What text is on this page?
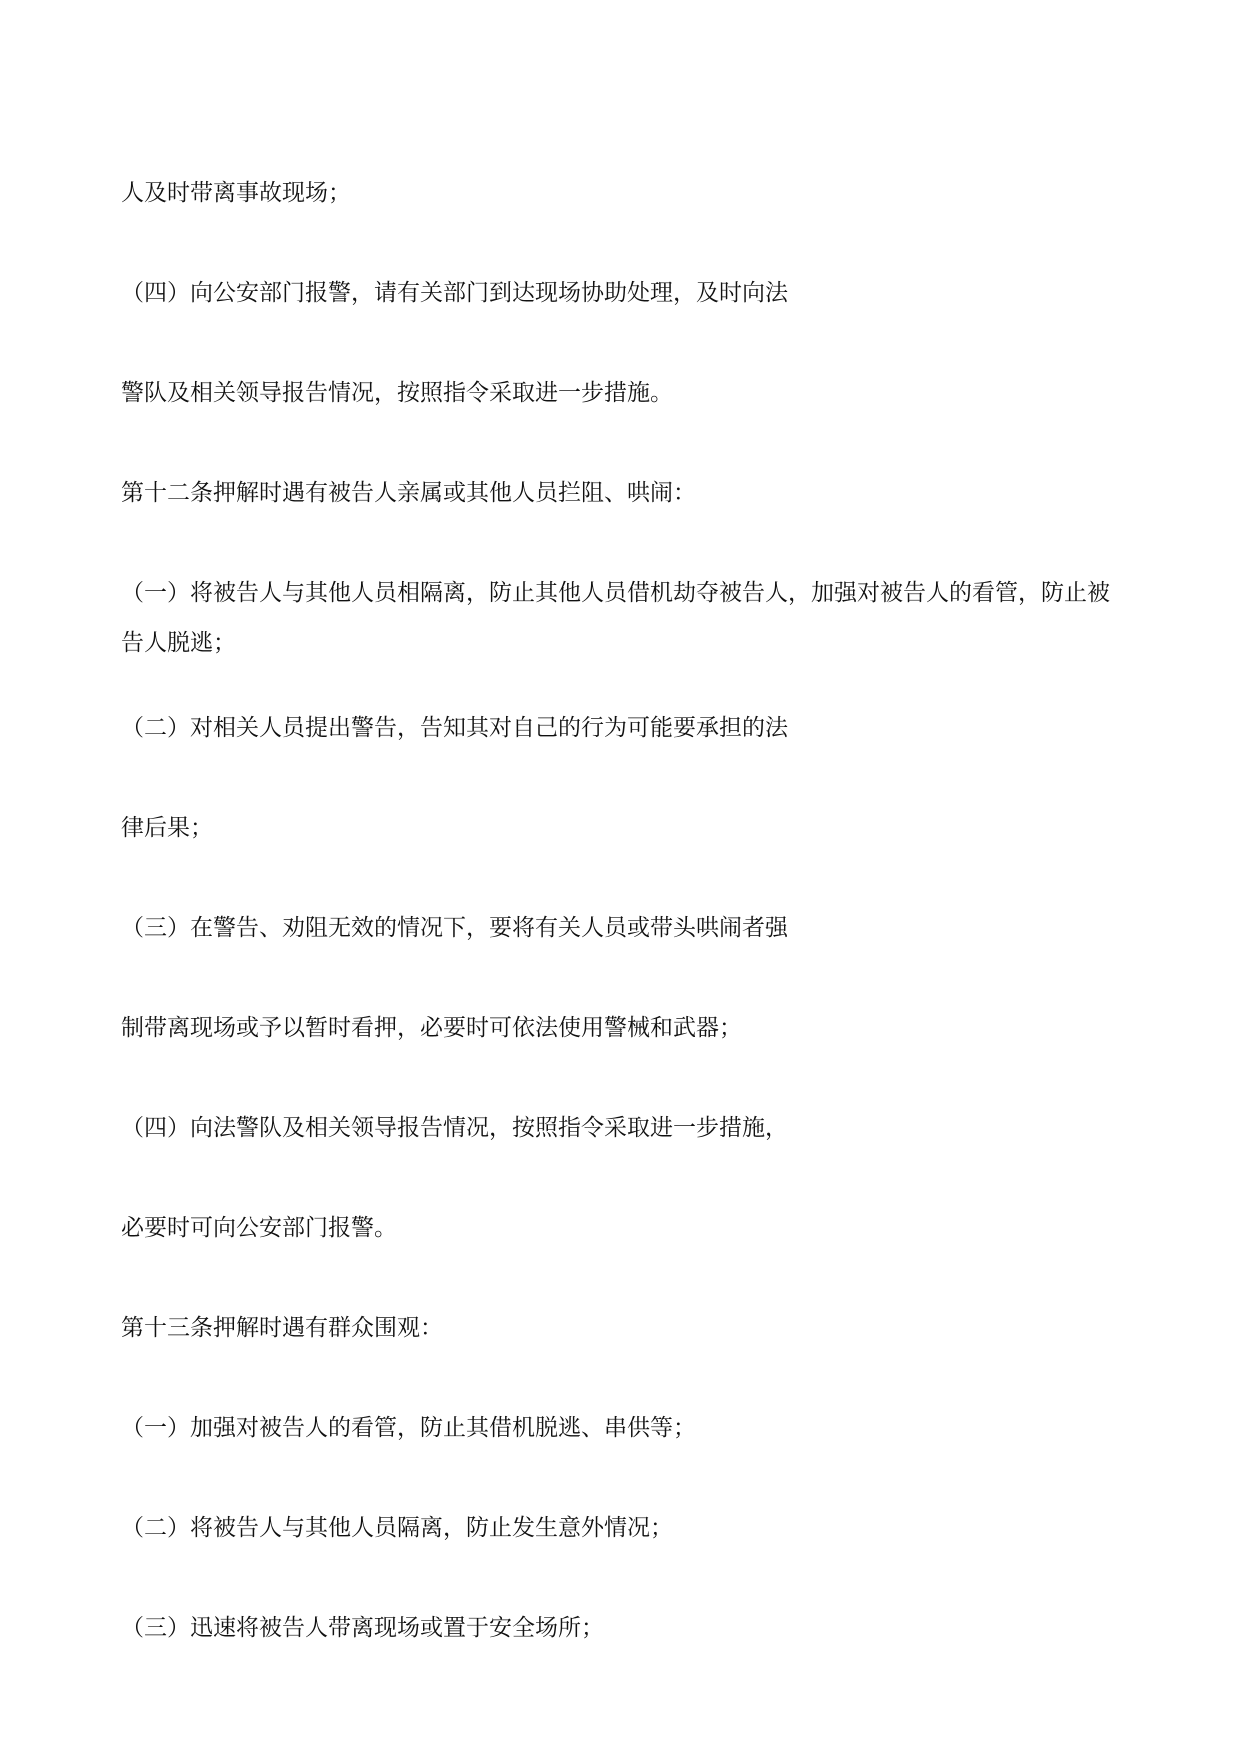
人及时带离事故现场；
（四）向公安部门报警，请有关部门到达现场协助处理，及时向法
警队及相关领导报告情况，按照指令采取进一步措施。
第十二条押解时遇有被告人亲属或其他人员拦阻、哄闹：
（一）将被告人与其他人员相隔离，防止其他人员借机劫夺被告人，加强对被告人的看管，防止被告人脱逃；
（二）对相关人员提出警告，告知其对自己的行为可能要承担的法
律后果；
（三）在警告、劝阻无效的情况下，要将有关人员或带头哄闹者强
制带离现场或予以暂时看押，必要时可依法使用警械和武器；
（四）向法警队及相关领导报告情况，按照指令采取进一步措施，
必要时可向公安部门报警。
第十三条押解时遇有群众围观：
（一）加强对被告人的看管，防止其借机脱逃、串供等；
（二）将被告人与其他人员隔离，防止发生意外情况；
（三）迅速将被告人带离现场或置于安全场所；
